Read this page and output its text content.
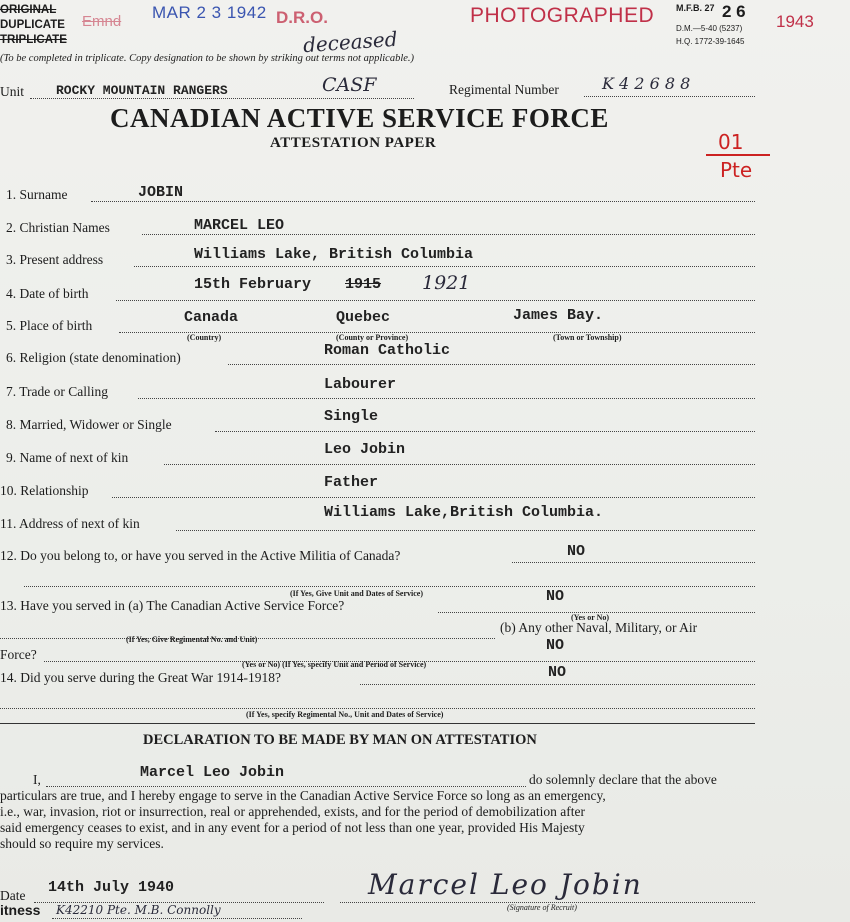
ORIGINAL
DUPLICATE
TRIPLICATE
Emnd MAR 2 3 1942 D.R.O.
deceased
PHOTOGRAPHED M.F.B. 27 2 6
D.M.—5-40 (5237)
H.Q. 1772-39-1645
1943
(To be completed in triplicate. Copy designation to be shown by striking out terms not applicable.)
Unit ROCKY MOUNTAIN RANGERS	CASF	Regimental Number	K 4 2 6 8 8
CANADIAN ACTIVE SERVICE FORCE
ATTESTATION PAPER	01
Pte
1. Surname	JOBIN
2. Christian Names	MARCEL LEO
3. Present address	Williams Lake, British Columbia
4. Date of birth
15th February 1915 1921
5. Place of birth	Canada	Quebec	James Bay.
(Country)	(County or Province)	(Town or Township)
6. Religion (state denomination)	Roman Catholic
7. Trade or Calling	Labourer
8. Married, Widower or Single	Single
9. Name of next of kin	Leo Jobin
10. Relationship	Father
11. Address of next of kin
Williams Lake,British Columbia.
12. Do you belong to, or have you served in the Active Militia of Canada?	NO
(If Yes, Give Unit and Dates of Service)
13. Have you served in (a) The Canadian Active Service Force?
NO
(Yes or No)
(If Yes, Give Regimental No. and Unit)
(b) Any other Naval, Military, or Air
Force?
NO
(Yes or No) (If Yes, specify Unit and Period of Service)
14. Did you serve during the Great War 1914-1918?	NO
(If Yes, specify Regimental No., Unit and Dates of Service)
DECLARATION TO BE MADE BY MAN ON ATTESTATION
I,	Marcel Leo Jobin	do solemnly declare that the above
particulars are true, and I hereby engage to serve in the Canadian Active Service Force so long as an emergency,
i.e., war, invasion, riot or insurrection, real or apprehended, exists, and for the period of demobilization after
said emergency ceases to exist, and in any event for a period of not less than one year, provided His Majesty
should so require my services.
Date 14th July 1940	Marcel Leo Jobin
(Signature of Recruit)
itness K42210 Pte. M.B. Connolly
